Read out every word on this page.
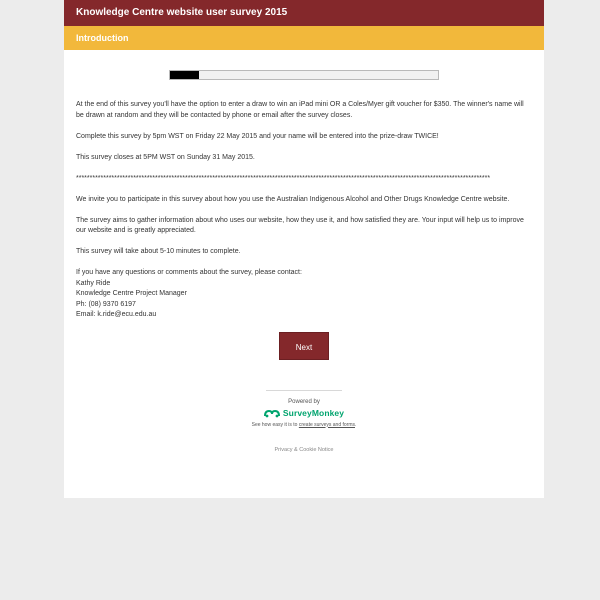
Knowledge Centre website user survey 2015
Introduction

At the end of this survey you'll have the option to enter a draw to win an iPad mini OR a Coles/Myer gift voucher for $350. The winner's name will be drawn at random and they will be contacted by phone or email after the survey closes.

Complete this survey by 5pm WST on Friday 22 May 2015 and your name will be entered into the prize-draw TWICE!

This survey closes at 5PM WST on Sunday 31 May 2015.

********************************************************************************************************************************************************

We invite you to participate in this survey about how you use the Australian Indigenous Alcohol and Other Drugs Knowledge Centre website.

The survey aims to gather information about who uses our website, how they use it, and how satisfied they are. Your input will help us to improve our website and is greatly appreciated.

This survey will take about 5-10 minutes to complete.

If you have any questions or comments about the survey, please contact:

Kathy Ride

Knowledge Centre Project Manager

Ph: (08) 9370 6197

Email: k.ride@ecu.edu.au

Next
Powered by
SurveyMonkey
See how easy it is to create surveys and forms.
Privacy & Cookie Notice
